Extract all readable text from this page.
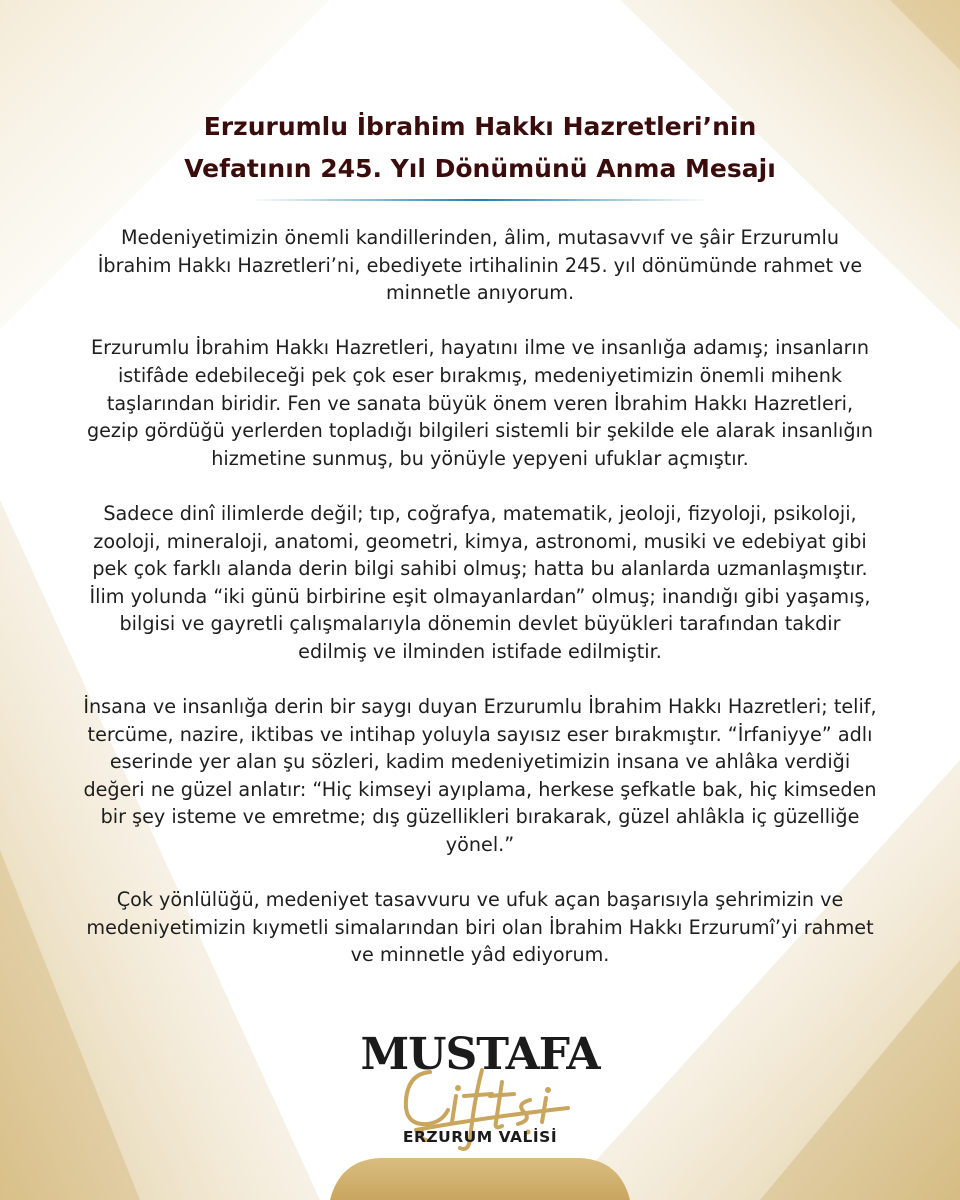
Erzurumlu İbrahim Hakkı Hazretleri’nin
Vefatının 245. Yıl Dönümünü Anma Mesajı

Medeniyetimizin önemli kandillerinden, âlim, mutasavvıf ve şâir Erzurumlu
İbrahim Hakkı Hazretleri’ni, ebediyete irtihalinin 245. yıl dönümünde rahmet ve
minnetle anıyorum.

Erzurumlu İbrahim Hakkı Hazretleri, hayatını ilme ve insanlığa adamış; insanların
istifâde edebileceği pek çok eser bırakmış, medeniyetimizin önemli mihenk
taşlarından biridir. Fen ve sanata büyük önem veren İbrahim Hakkı Hazretleri,
gezip gördüğü yerlerden topladığı bilgileri sistemli bir şekilde ele alarak insanlığın
hizmetine sunmuş, bu yönüyle yepyeni ufuklar açmıştır.

Sadece dinî ilimlerde değil; tıp, coğrafya, matematik, jeoloji, fizyoloji, psikoloji,
zooloji, mineraloji, anatomi, geometri, kimya, astronomi, musiki ve edebiyat gibi
pek çok farklı alanda derin bilgi sahibi olmuş; hatta bu alanlarda uzmanlaşmıştır.
İlim yolunda “iki günü birbirine eşit olmayanlardan” olmuş; inandığı gibi yaşamış,
bilgisi ve gayretli çalışmalarıyla dönemin devlet büyükleri tarafından takdir
edilmiş ve ilminden istifade edilmiştir.

İnsana ve insanlığa derin bir saygı duyan Erzurumlu İbrahim Hakkı Hazretleri; telif,
tercüme, nazire, iktibas ve intihap yoluyla sayısız eser bırakmıştır. “İrfaniyye” adlı
eserinde yer alan şu sözleri, kadim medeniyetimizin insana ve ahlâka verdiği
değeri ne güzel anlatır: “Hiç kimseyi ayıplama, herkese şefkatle bak, hiç kimseden
bir şey isteme ve emretme; dış güzellikleri bırakarak, güzel ahlâkla iç güzelliğe
yönel.”

Çok yönlülüğü, medeniyet tasavvuru ve ufuk açan başarısıyla şehrimizin ve
medeniyetimizin kıymetli simalarından biri olan İbrahim Hakkı Erzurumî’yi rahmet
ve minnetle yâd ediyorum.

MUSTAFA
ERZURUM VALİSİ
